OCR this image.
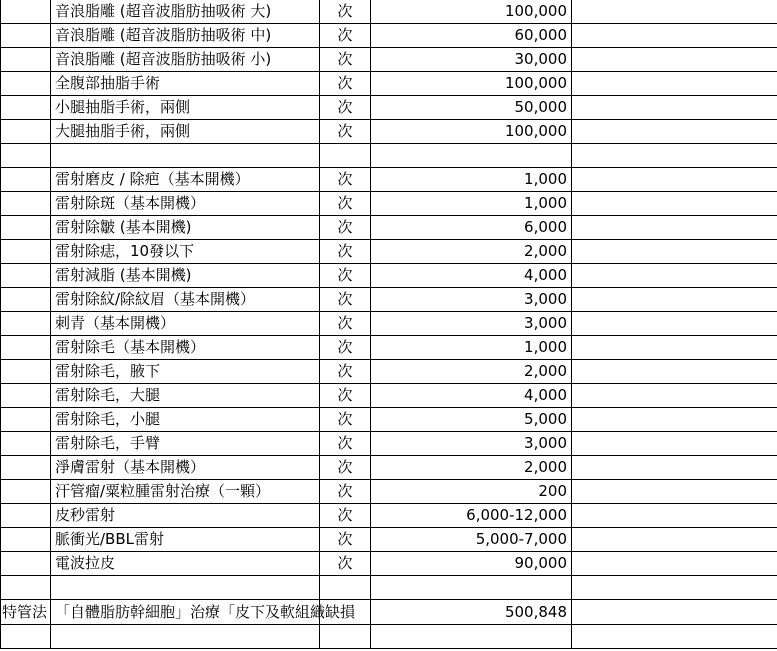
	音浪脂雕 (超音波脂肪抽吸術 大)	次	100,000	
	音浪脂雕 (超音波脂肪抽吸術 中)	次	60,000	
	音浪脂雕 (超音波脂肪抽吸術 小)	次	30,000	
	全腹部抽脂手術	次	100,000	
	小腿抽脂手術，兩側	次	50,000	
	大腿抽脂手術，兩側	次	100,000	

	雷射磨皮 / 除疤（基本開機）	次	1,000	
	雷射除斑（基本開機）	次	1,000	
	雷射除皺 (基本開機)	次	6,000	
	雷射除痣，10發以下	次	2,000	
	雷射減脂 (基本開機)	次	4,000	
	雷射除紋/除紋眉（基本開機）	次	3,000	
	刺青（基本開機）	次	3,000	
	雷射除毛（基本開機）	次	1,000	
	雷射除毛，腋下	次	2,000	
	雷射除毛，大腿	次	4,000	
	雷射除毛，小腿	次	5,000	
	雷射除毛，手臂	次	3,000	
	淨膚雷射（基本開機）	次	2,000	
	汗管瘤/粟粒腫雷射治療（一顆）	次	200	
	皮秒雷射	次	6,000-12,000	
	脈衝光/BBL雷射	次	5,000-7,000	
	電波拉皮	次	90,000	

特管法	「自體脂肪幹細胞」治療「皮下及軟組織缺損		500,848	
